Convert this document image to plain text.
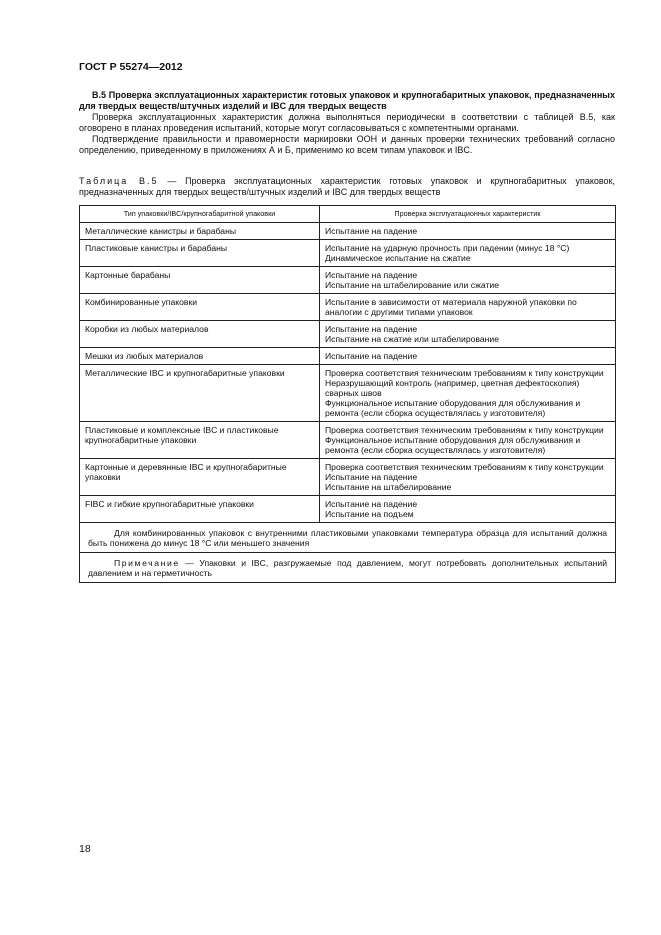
ГОСТ Р 55274—2012

В.5 Проверка эксплуатационных характеристик готовых упаковок и крупногабаритных упаковок, предназначенных для твердых веществ/штучных изделий и IBC для твердых веществ

Проверка эксплуатационных характеристик должна выполняться периодически в соответствии с таблицей В.5, как оговорено в планах проведения испытаний, которые могут согласовываться с компетентными органами.

Подтверждение правильности и правомерности маркировки ООН и данных проверки технических требований согласно определению, приведенному в приложениях А и Б, применимо ко всем типам упаковок и IBC.

Таблица В.5 — Проверка эксплуатационных характеристик готовых упаковок и крупногабаритных упаковок, предназначенных для твердых веществ/штучных изделий и IBC для твердых веществ
Тип упаковки/IBC/крупногабаритной упаковки	Проверка эксплуатационных характеристик
Металлические канистры и барабаны	Испытание на падение

Пластиковые канистры и барабаны	Испытание на ударную прочность при падении (минус 18 °С)
Динамическое испытание на сжатие

Картонные барабаны	Испытание на падение
Испытание на штабелирование или сжатие

Комбинированные упаковки	Испытание в зависимости от материала наружной упаковки по аналогии с другими типами упаковок

Коробки из любых материалов	Испытание на падение
Испытание на сжатие или штабелирование

Мешки из любых материалов	Испытание на падение

Металлические IBC и крупногабаритные упаковки	Проверка соответствия техническим требованиям к типу конструкции
Неразрушающий контроль (например, цветная дефектоскопия) сварных швов
Функциональное испытание оборудования для обслуживания и ремонта (если сборка осуществлялась у изготовителя)

Пластиковые и комплексные IBC и пластиковые крупногабаритные упаковки	Проверка соответствия техническим требованиям к типу конструкции
Функциональное испытание оборудования для обслуживания и ремонта (если сборка осуществлялась у изготовителя)

Картонные и деревянные IBC и крупногабаритные упаковки	Проверка соответствия техническим требованиям к типу конструкции
Испытание на падение
Испытание на штабелирование

FIBC и гибкие крупногабаритные упаковки	Испытание на падение
Испытание на подъем

Для комбинированных упаковок с внутренними пластиковыми упаковками температура образца для испытаний должна быть понижена до минус 18 °С или меньшего значения	
Примечание — Упаковки и IBC, разгружаемые под давлением, могут потребовать дополнительных испытаний давлением и на герметичность	
18
